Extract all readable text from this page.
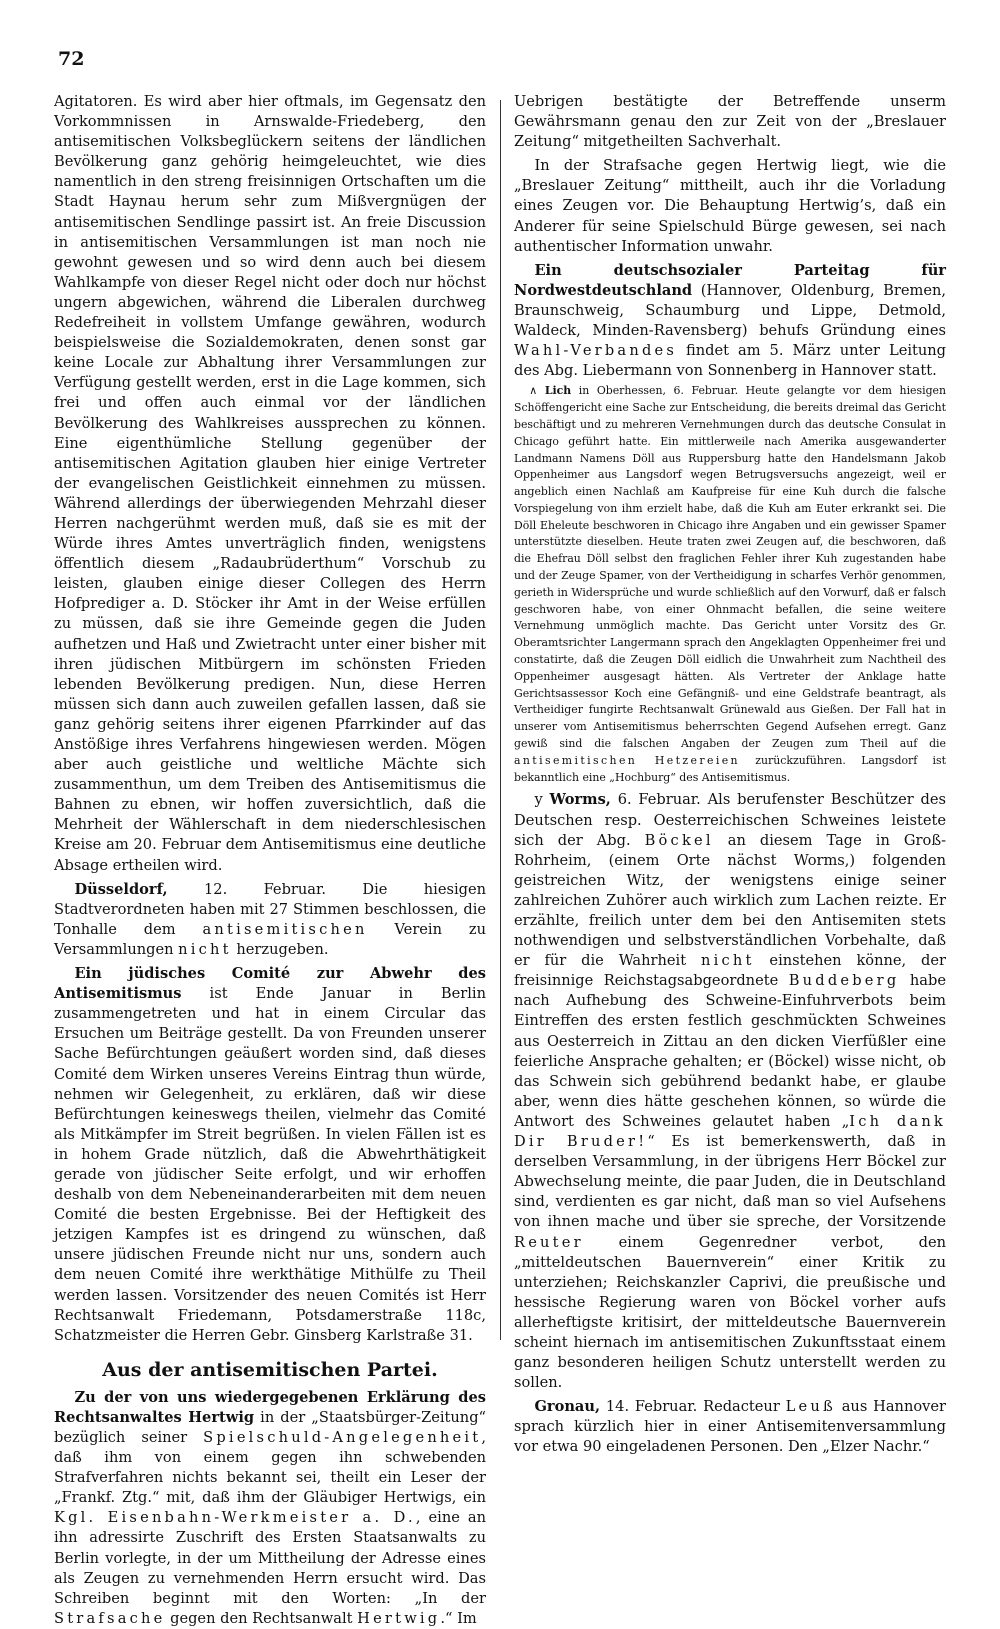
72

Agitatoren. Es wird aber hier oftmals, im Gegensatz den Vorkommnissen in Arnswalde-Friedeberg, den antisemitischen Volksbeglückern seitens der ländlichen Bevölkerung ganz gehörig heimgeleuchtet, wie dies namentlich in den streng freisinnigen Ortschaften um die Stadt Haynau herum sehr zum Mißvergnügen der antisemitischen Sendlinge passirt ist. An freie Discussion in antisemitischen Versammlungen ist man noch nie gewohnt gewesen und so wird denn auch bei diesem Wahlkampfe von dieser Regel nicht oder doch nur höchst ungern abgewichen, während die Liberalen durchweg Redefreiheit in vollstem Umfange gewähren, wodurch beispielsweise die Sozialdemokraten, denen sonst gar keine Locale zur Abhaltung ihrer Versammlungen zur Verfügung gestellt werden, erst in die Lage kommen, sich frei und offen auch einmal vor der ländlichen Bevölkerung des Wahlkreises aussprechen zu können. Eine eigenthümliche Stellung gegenüber der antisemitischen Agitation glauben hier einige Vertreter der evangelischen Geistlichkeit einnehmen zu müssen. Während allerdings der überwiegenden Mehrzahl dieser Herren nachgerühmt werden muß, daß sie es mit der Würde ihres Amtes unverträglich finden, wenigstens öffentlich diesem „Radaubrüderthum“ Vorschub zu leisten, glauben einige dieser Collegen des Herrn Hofprediger a. D. Stöcker ihr Amt in der Weise erfüllen zu müssen, daß sie ihre Gemeinde gegen die Juden aufhetzen und Haß und Zwietracht unter einer bisher mit ihren jüdischen Mitbürgern im schönsten Frieden lebenden Bevölkerung predigen. Nun, diese Herren müssen sich dann auch zuweilen gefallen lassen, daß sie ganz gehörig seitens ihrer eigenen Pfarrkinder auf das Anstößige ihres Verfahrens hingewiesen werden. Mögen aber auch geistliche und weltliche Mächte sich zusammenthun, um dem Treiben des Antisemitismus die Bahnen zu ebnen, wir hoffen zuversichtlich, daß die Mehrheit der Wählerschaft in dem niederschlesischen Kreise am 20. Februar dem Antisemitismus eine deutliche Absage ertheilen wird.

Düsseldorf, 12. Februar. Die hiesigen Stadtverordneten haben mit 27 Stimmen beschlossen, die Tonhalle dem antisemitischen Verein zu Versammlungen nicht herzugeben.

Ein jüdisches Comité zur Abwehr des Antisemitismus ist Ende Januar in Berlin zusammengetreten und hat in einem Circular das Ersuchen um Beiträge gestellt. Da von Freunden unserer Sache Befürchtungen geäußert worden sind, daß dieses Comité dem Wirken unseres Vereins Eintrag thun würde, nehmen wir Gelegenheit, zu erklären, daß wir diese Befürchtungen keineswegs theilen, vielmehr das Comité als Mitkämpfer im Streit begrüßen. In vielen Fällen ist es in hohem Grade nützlich, daß die Abwehrthätigkeit gerade von jüdischer Seite erfolgt, und wir erhoffen deshalb von dem Nebeneinanderarbeiten mit dem neuen Comité die besten Ergebnisse. Bei der Heftigkeit des jetzigen Kampfes ist es dringend zu wünschen, daß unsere jüdischen Freunde nicht nur uns, sondern auch dem neuen Comité ihre werkthätige Mithülfe zu Theil werden lassen. Vorsitzender des neuen Comités ist Herr Rechtsanwalt Friedemann, Potsdamerstraße 118c, Schatzmeister die Herren Gebr. Ginsberg Karlstraße 31.

Aus der antisemitischen Partei.

Zu der von uns wiedergegebenen Erklärung des Rechtsanwaltes Hertwig in der „Staatsbürger-Zeitung“ bezüglich seiner Spielschuld-Angelegenheit, daß ihm von einem gegen ihn schwebenden Strafverfahren nichts bekannt sei, theilt ein Leser der „Frankf. Ztg.“ mit, daß ihm der Gläubiger Hertwigs, ein Kgl. Eisenbahn-Werkmeister a. D., eine an ihn adressirte Zuschrift des Ersten Staatsanwalts zu Berlin vorlegte, in der um Mittheilung der Adresse eines als Zeugen zu vernehmenden Herrn ersucht wird. Das Schreiben beginnt mit den Worten: „In der Strafsache gegen den Rechtsanwalt Hertwig.“ Im

Uebrigen bestätigte der Betreffende unserm Gewährsmann genau den zur Zeit von der „Breslauer Zeitung“ mitgetheilten Sachverhalt.

In der Strafsache gegen Hertwig liegt, wie die „Breslauer Zeitung“ mittheilt, auch ihr die Vorladung eines Zeugen vor. Die Behauptung Hertwig’s, daß ein Anderer für seine Spielschuld Bürge gewesen, sei nach authentischer Information unwahr.

Ein deutschsozialer Parteitag für Nordwestdeutschland (Hannover, Oldenburg, Bremen, Braunschweig, Schaumburg und Lippe, Detmold, Waldeck, Minden-Ravensberg) behufs Gründung eines Wahl-Verbandes findet am 5. März unter Leitung des Abg. Liebermann von Sonnenberg in Hannover statt.

∧ Lich in Oberhessen, 6. Februar. Heute gelangte vor dem hiesigen Schöffengericht eine Sache zur Entscheidung, die bereits dreimal das Gericht beschäftigt und zu mehreren Vernehmungen durch das deutsche Consulat in Chicago geführt hatte. Ein mittlerweile nach Amerika ausgewanderter Landmann Namens Döll aus Ruppersburg hatte den Handelsmann Jakob Oppenheimer aus Langsdorf wegen Betrugsversuchs angezeigt, weil er angeblich einen Nachlaß am Kaufpreise für eine Kuh durch die falsche Vorspiegelung von ihm erzielt habe, daß die Kuh am Euter erkrankt sei. Die Döll Eheleute beschworen in Chicago ihre Angaben und ein gewisser Spamer unterstützte dieselben. Heute traten zwei Zeugen auf, die beschworen, daß die Ehefrau Döll selbst den fraglichen Fehler ihrer Kuh zugestanden habe und der Zeuge Spamer, von der Vertheidigung in scharfes Verhör genommen, gerieth in Widersprüche und wurde schließlich auf den Vorwurf, daß er falsch geschworen habe, von einer Ohnmacht befallen, die seine weitere Vernehmung unmöglich machte. Das Gericht unter Vorsitz des Gr. Oberamtsrichter Langermann sprach den Angeklagten Oppenheimer frei und constatirte, daß die Zeugen Döll eidlich die Unwahrheit zum Nachtheil des Oppenheimer ausgesagt hätten. Als Vertreter der Anklage hatte Gerichtsassessor Koch eine Gefängniß- und eine Geldstrafe beantragt, als Vertheidiger fungirte Rechtsanwalt Grünewald aus Gießen. Der Fall hat in unserer vom Antisemitismus beherrschten Gegend Aufsehen erregt. Ganz gewiß sind die falschen Angaben der Zeugen zum Theil auf die antisemitischen Hetzereien zurückzuführen. Langsdorf ist bekanntlich eine „Hochburg“ des Antisemitismus.

y Worms, 6. Februar. Als berufenster Beschützer des Deutschen resp. Oesterreichischen Schweines leistete sich der Abg. Böckel an diesem Tage in Groß-Rohrheim, (einem Orte nächst Worms,) folgenden geistreichen Witz, der wenigstens einige seiner zahlreichen Zuhörer auch wirklich zum Lachen reizte. Er erzählte, freilich unter dem bei den Antisemiten stets nothwendigen und selbstverständlichen Vorbehalte, daß er für die Wahrheit nicht einstehen könne, der freisinnige Reichstagsabgeordnete Buddeberg habe nach Aufhebung des Schweine-Einfuhrverbots beim Eintreffen des ersten festlich geschmückten Schweines aus Oesterreich in Zittau an den dicken Vierfüßler eine feierliche Ansprache gehalten; er (Böckel) wisse nicht, ob das Schwein sich gebührend bedankt habe, er glaube aber, wenn dies hätte geschehen können, so würde die Antwort des Schweines gelautet haben „Ich dank Dir Bruder!“ Es ist bemerkenswerth, daß in derselben Versammlung, in der übrigens Herr Böckel zur Abwechselung meinte, die paar Juden, die in Deutschland sind, verdienten es gar nicht, daß man so viel Aufsehens von ihnen mache und über sie spreche, der Vorsitzende Reuter einem Gegenredner verbot, den „mitteldeutschen Bauernverein“ einer Kritik zu unterziehen; Reichskanzler Caprivi, die preußische und hessische Regierung waren von Böckel vorher aufs allerheftigste kritisirt, der mitteldeutsche Bauernverein scheint hiernach im antisemitischen Zukunftsstaat einem ganz besonderen heiligen Schutz unterstellt werden zu sollen.

Gronau, 14. Februar. Redacteur Leuß aus Hannover sprach kürzlich hier in einer Antisemitenversammlung vor etwa 90 eingeladenen Personen. Den „Elzer Nachr.“
